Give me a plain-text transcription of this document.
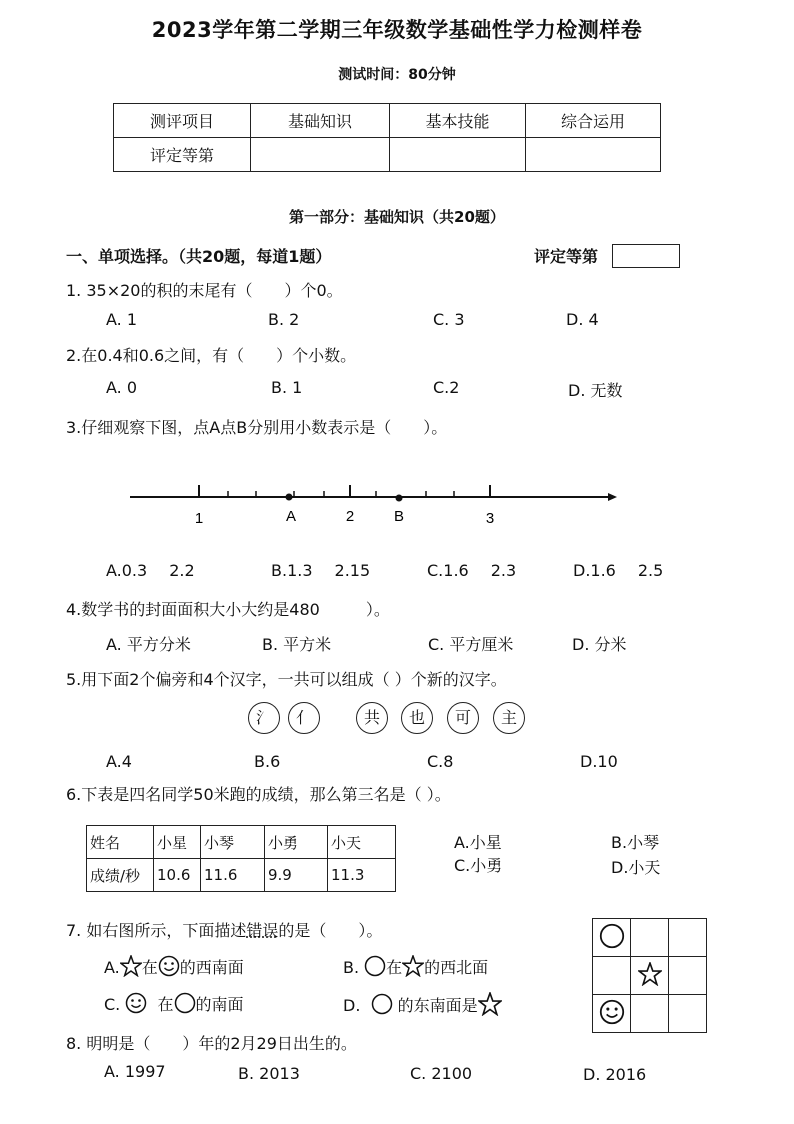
2023学年第二学期三年级数学基础性学力检测样卷
测试时间：80分钟
测评项目	基础知识	基本技能	综合运用
评定等第			
第一部分：基础知识（共20题）
一、单项选择。（共20题，每道1题）	评定等第
1. 35×20的积的末尾有（　　）个0。
A. 1	B. 2	C. 3	D. 4
2.在0.4和0.6之间，有（　　）个小数。
A. 0	B. 1	C.2	D. 无数
3.仔细观察下图，点A点B分别用小数表示是（　　）。
1	A	2	B	3
A.0.3 2.2	B.1.3 2.15	C.1.6 2.3	D.1.6 2.5
4.数学书的封面面积大小大约是480	）。
A. 平方分米	B. 平方米	C. 平方厘米	D. 分米
5.用下面2个偏旁和4个汉字，一共可以组成（ ）个新的汉字。
氵	亻	共	也	可	主
A.4	B.6	C.8	D.10
6.下表是四名同学50米跑的成绩，那么第三名是（ ）。
姓名	小星	小琴	小勇	小天
成绩/秒	10.6	11.6	9.9	11.3
A.小星	B.小琴
C.小勇	D.小天
7. 如右图所示，下面描述错误的是（　　）。
A. 在 的西南面	B. 在 的西北面
C. 在 的南面	D. 的东南面是

8. 明明是（　　）年的2月29日出生的。
A. 1997	B. 2013	C. 2100	D. 2016
